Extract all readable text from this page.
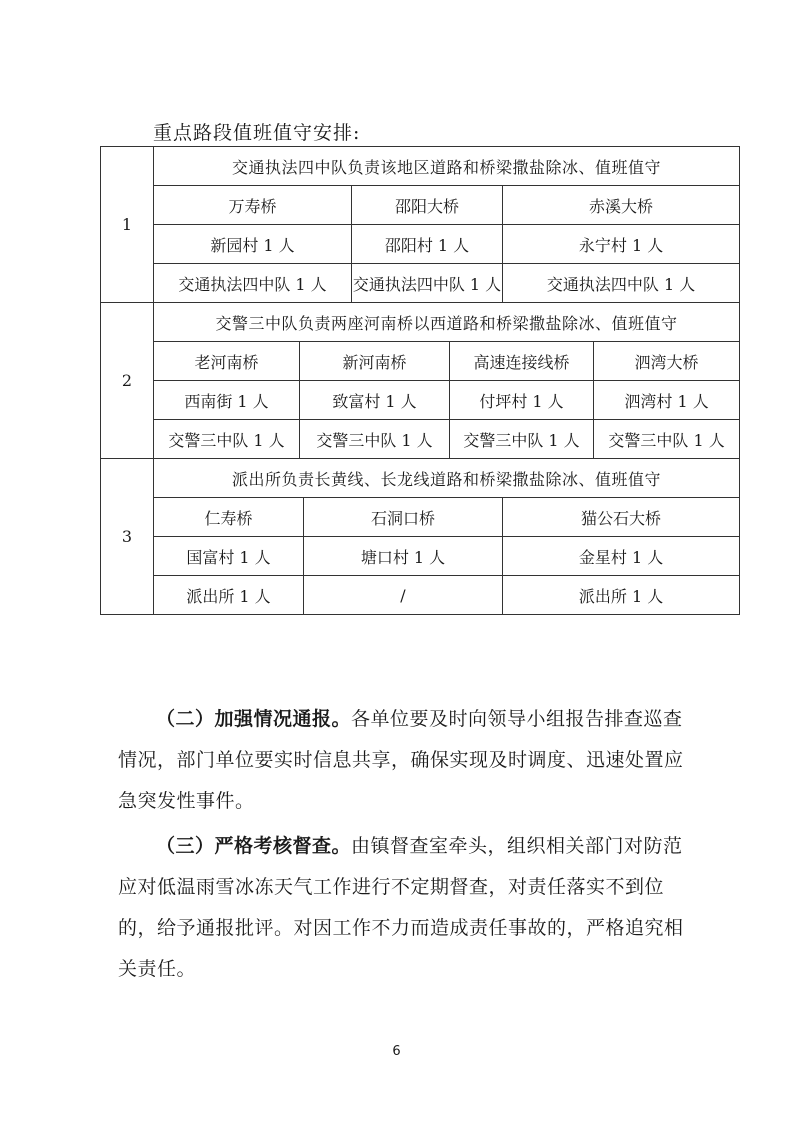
重点路段值班值守安排:
1	交通执法四中队负责该地区道路和桥梁撒盐除冰、值班值守						
	万寿桥			邵阳大桥		赤溪大桥	
	新园村 1 人			邵阳村 1 人		永宁村 1 人	
	交通执法四中队 1 人			交通执法四中队 1 人		交通执法四中队 1 人	
2	交警三中队负责两座河南桥以西道路和桥梁撒盐除冰、值班值守						
	老河南桥	新河南桥			高速连接线桥		泗湾大桥
	西南街 1 人	致富村 1 人			付坪村 1 人		泗湾村 1 人
	交警三中队 1 人	交警三中队 1 人			交警三中队 1 人		交警三中队 1 人
3	派出所负责长黄线、长龙线道路和桥梁撒盐除冰、值班值守						
	仁寿桥		石洞口桥			猫公石大桥	
	国富村 1 人		塘口村 1 人			金星村 1 人	
	派出所 1 人		/			派出所 1 人	

（二）加强情况通报。各单位要及时向领导小组报告排查巡查情况，部门单位要实时信息共享，确保实现及时调度、迅速处置应急突发性事件。

（三）严格考核督查。由镇督查室牵头，组织相关部门对防范应对低温雨雪冰冻天气工作进行不定期督查，对责任落实不到位的，给予通报批评。对因工作不力而造成责任事故的，严格追究相关责任。

6
